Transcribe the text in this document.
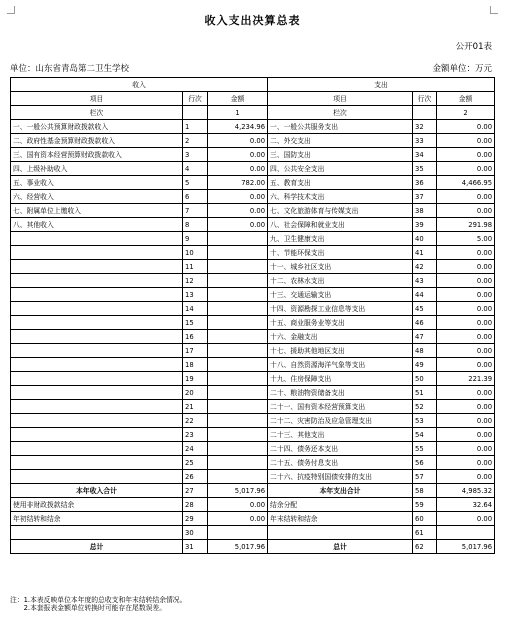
收入支出决算总表
公开01表
单位：山东省青岛第二卫生学校	金额单位：万元
收入			支出		
项目	行次	金额	项目	行次	金额
栏次		1	栏次		2
一、一般公共预算财政拨款收入	1	4,234.96	一、一般公共服务支出	32	0.00
二、政府性基金预算财政拨款收入	2	0.00	二、外交支出	33	0.00
三、国有资本经营预算财政拨款收入	3	0.00	三、国防支出	34	0.00
四、上级补助收入	4	0.00	四、公共安全支出	35	0.00
五、事业收入	5	782.00	五、教育支出	36	4,466.95
六、经营收入	6	0.00	六、科学技术支出	37	0.00
七、附属单位上缴收入	7	0.00	七、文化旅游体育与传媒支出	38	0.00
八、其他收入	8	0.00	八、社会保障和就业支出	39	291.98
	9		九、卫生健康支出	40	5.00
	10		十、节能环保支出	41	0.00
	11		十一、城乡社区支出	42	0.00
	12		十二、农林水支出	43	0.00
	13		十三、交通运输支出	44	0.00
	14		十四、资源勘探工业信息等支出	45	0.00
	15		十五、商业服务业等支出	46	0.00
	16		十六、金融支出	47	0.00
	17		十七、援助其他地区支出	48	0.00
	18		十八、自然资源海洋气象等支出	49	0.00
	19		十九、住房保障支出	50	221.39
	20		二十、粮油物资储备支出	51	0.00
	21		二十一、国有资本经营预算支出	52	0.00
	22		二十二、灾害防治及应急管理支出	53	0.00
	23		二十三、其他支出	54	0.00
	24		二十四、债务还本支出	55	0.00
	25		二十五、债务付息支出	56	0.00
	26		二十六、抗疫特别国债安排的支出	57	0.00
本年收入合计	27	5,017.96	本年支出合计	58	4,985.32
使用非财政拨款结余	28	0.00	结余分配	59	32.64
年初结转和结余	29	0.00	年末结转和结余	60	0.00
	30			61	
总计	31	5,017.96	总计	62	5,017.96
注：1.本表反映单位本年度的总收支和年末结转结余情况。
　　2.本套报表金额单位转换时可能存在尾数误差。
